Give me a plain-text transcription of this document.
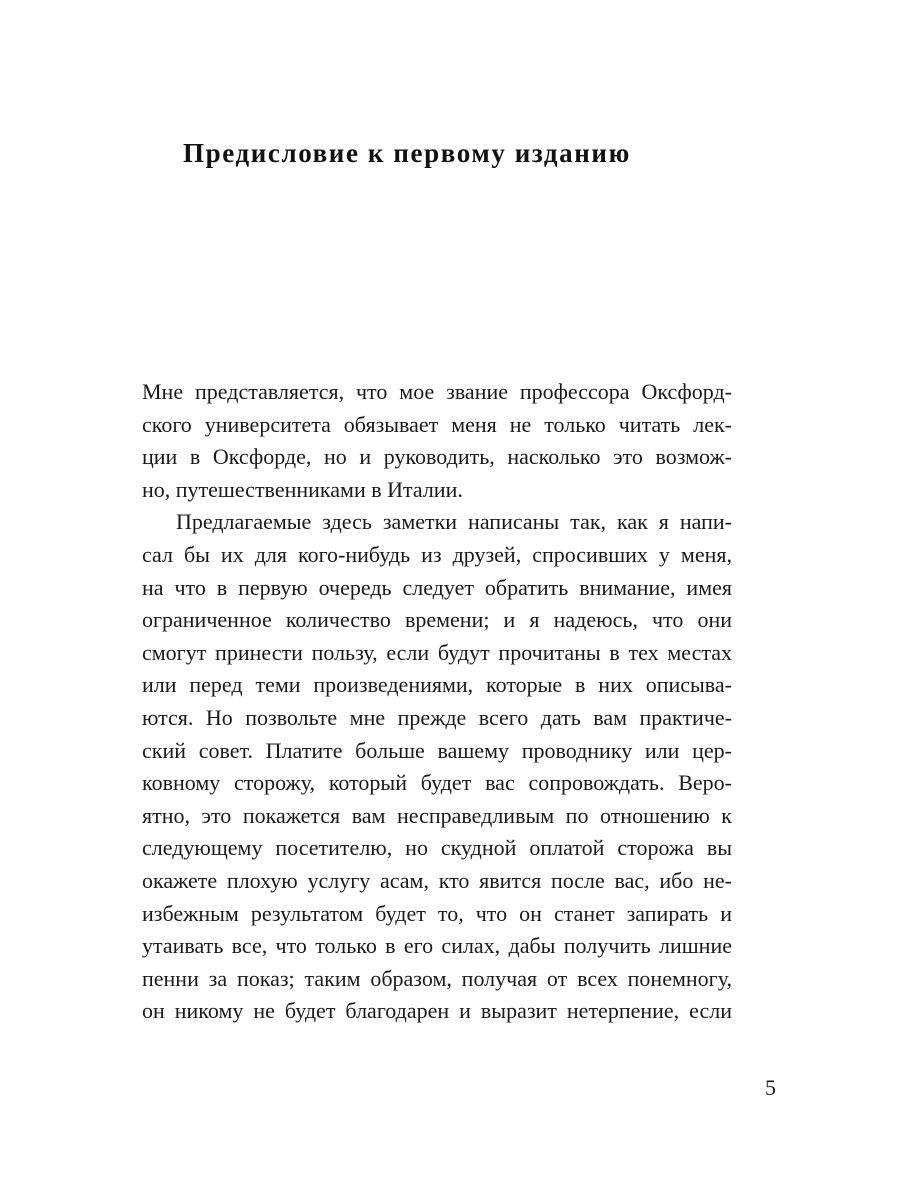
Предисловие к первому изданию
Мне представляется, что мое звание профессора Оксфорд-
ского университета обязывает меня не только читать лек-
ции в Оксфорде, но и руководить, насколько это возмож-
но, путешественниками в Италии.
Предлагаемые здесь заметки написаны так, как я напи-
сал бы их для кого-нибудь из друзей, спросивших у меня,
на что в первую очередь следует обратить внимание, имея
ограниченное количество времени; и я надеюсь, что они
смогут принести пользу, если будут прочитаны в тех местах
или перед теми произведениями, которые в них описыва-
ются. Но позвольте мне прежде всего дать вам практиче-
ский совет. Платите больше вашему проводнику или цер-
ковному сторожу, который будет вас сопровождать. Веро-
ятно, это покажется вам несправедливым по отношению к
следующему посетителю, но скудной оплатой сторожа вы
окажете плохую услугу асам, кто явится после вас, ибо не-
избежным результатом будет то, что он станет запирать и
утаивать все, что только в его силах, дабы получить лишние
пенни за показ; таким образом, получая от всех понемногу,
он никому не будет благодарен и выразит нетерпение, если
5
